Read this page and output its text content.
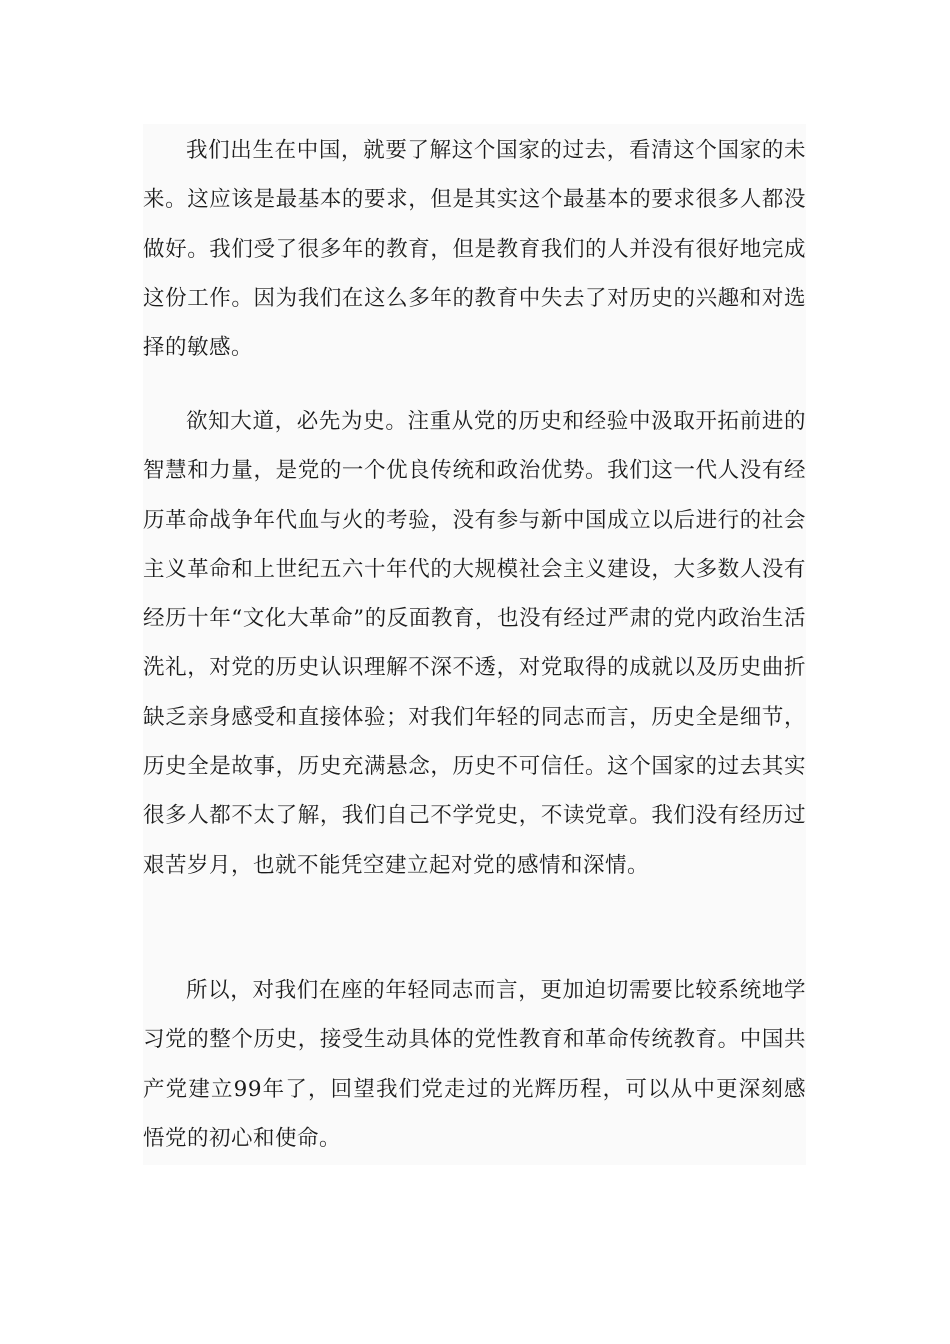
我们出生在中国，就要了解这个国家的过去，看清这个国家的未来。这应该是最基本的要求，但是其实这个最基本的要求很多人都没做好。我们受了很多年的教育，但是教育我们的人并没有很好地完成这份工作。因为我们在这么多年的教育中失去了对历史的兴趣和对选择的敏感。

欲知大道，必先为史。注重从党的历史和经验中汲取开拓前进的智慧和力量，是党的一个优良传统和政治优势。我们这一代人没有经历革命战争年代血与火的考验，没有参与新中国成立以后进行的社会主义革命和上世纪五六十年代的大规模社会主义建设，大多数人没有经历十年“文化大革命”的反面教育，也没有经过严肃的党内政治生活洗礼，对党的历史认识理解不深不透，对党取得的成就以及历史曲折缺乏亲身感受和直接体验；对我们年轻的同志而言，历史全是细节，历史全是故事，历史充满悬念，历史不可信任。这个国家的过去其实很多人都不太了解，我们自己不学党史，不读党章。我们没有经历过艰苦岁月，也就不能凭空建立起对党的感情和深情。

所以，对我们在座的年轻同志而言，更加迫切需要比较系统地学习党的整个历史，接受生动具体的党性教育和革命传统教育。中国共产党建立99年了，回望我们党走过的光辉历程，可以从中更深刻感悟党的初心和使命。
